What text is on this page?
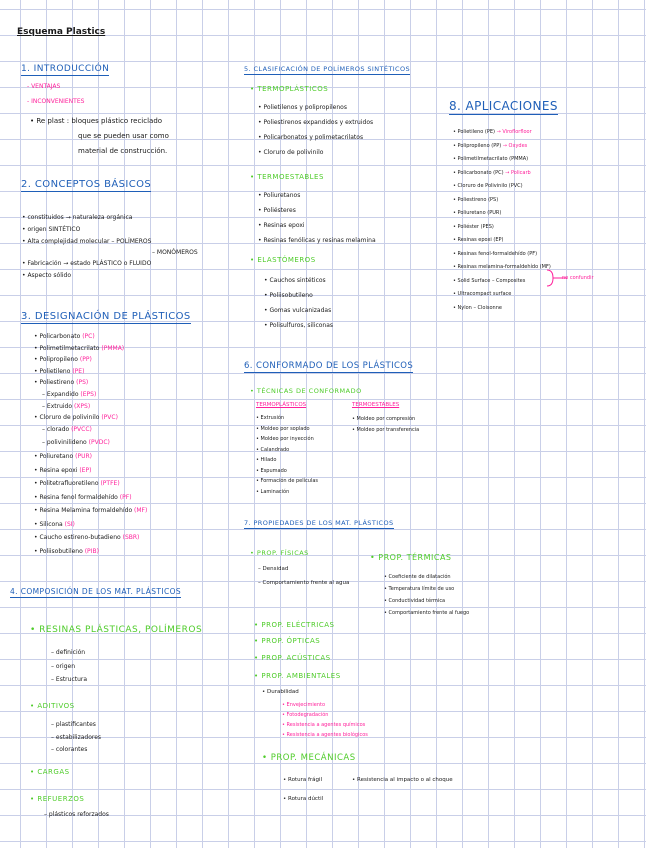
Esquema Plastics
1. INTRODUCCIÓN
- VENTAJAS
- INCONVENIENTES
• Re plast : bloques plástico reciclado
que se pueden usar como
material de construcción.
2. CONCEPTOS BÁSICOS
• constituidos → naturaleza orgánica
• origen SINTÉTICO
• Alta complejidad molecular – POLÍMEROS
– MONÓMEROS
• Fabricación → estado PLÁSTICO o FLUIDO
• Aspecto sólido
3. DESIGNACIÓN DE PLÁSTICOS
• Policarbonato (PC)
• Polimetilmetacrilato (PMMA)
• Polipropileno (PP)
• Polietileno (PE)
• Poliestireno (PS)
– Expandido (EPS)
– Extruido (XPS)
• Cloruro de polivinilo (PVC)
– clorado (PVCC)
– polivinilideno (PVDC)
• Poliuretano (PUR)
• Resina epoxi (EP)
• Politetrafluoretileno (PTFE)
• Resina fenol formaldehído (PF)
• Resina Melamina formaldehído (MF)
• Silicona (SI)
• Caucho estireno-butadieno (SBR)
• Poliisobutileno (PIB)
4. COMPOSICIÓN DE LOS MAT. PLÁSTICOS
• RESINAS PLÁSTICAS, POLÍMEROS
– definición
– origen
– Estructura
• ADITIVOS
– plastificantes
– estabilizadores
– colorantes
• CARGAS
• REFUERZOS
– plásticos reforzados
5. CLASIFICACIÓN DE POLÍMEROS SINTÉTICOS
• TERMOPLÁSTICOS
• Polietilenos y polipropilenos
• Poliestirenos expandidos y extruidos
• Policarbonatos y polimetacrilatos
• Cloruro de polivinilo
• TERMOESTABLES
• Poliuretanos
• Poliésteres
• Resinas epoxi
• Resinas fenólicas y resinas melamina
• ELASTÓMEROS
• Cauchos sintéticos
• Poliisobutileno
• Gomas vulcanizadas
• Polisulfuros, siliconas
6. CONFORMADO DE LOS PLÁSTICOS
• TÉCNICAS DE CONFORMADO
TERMOPLÁSTICOS
• Extrusión
• Moldeo por soplado
• Moldeo por inyección
• Calandrado
• Hilado
• Espumado
• Formación de películas
• Laminación
TERMOESTABLES
• Moldeo por compresión
• Moldeo por transferencia
7. PROPIEDADES DE LOS MAT. PLÁSTICOS
• PROP. FÍSICAS
– Densidad
– Comportamiento frente al agua
• PROP. TÉRMICAS
• Coeficiente de dilatación
• Temperatura límite de uso
• Conductividad térmica
• Comportamiento frente al fuego
• PROP. ELÉCTRICAS
• PROP. ÓPTICAS
• PROP. ACÚSTICAS
• PROP. AMBIENTALES
• Durabilidad
• Envejecimiento
• Fotodegradación
• Resistencia a agentes químicos
• Resistencia a agentes biológicos
• PROP. MECÁNICAS
• Rotura frágil	• Resistencia al impacto o al choque
• Rotura dúctil
8. APLICACIONES
• Polietileno (PE) → Viroflorfloor
• Polipropileno (PP) → Oxydes
• Polimetilmetacrilato (PMMA)
• Policarbonato (PC) → Policarb
• Cloruro de Polivinilo (PVC)
• Poliestireno (PS)
• Poliuretano (PUR)
• Poliéster (PES)
• Resinas epoxi (EP)
• Resinas fenol-formaldehído (PF)
• Resinas melamina-formaldehído (MF)
• Solid Surface – Composites
• Ultracompact surface
• Nylon – Cloisonne
no confundir
